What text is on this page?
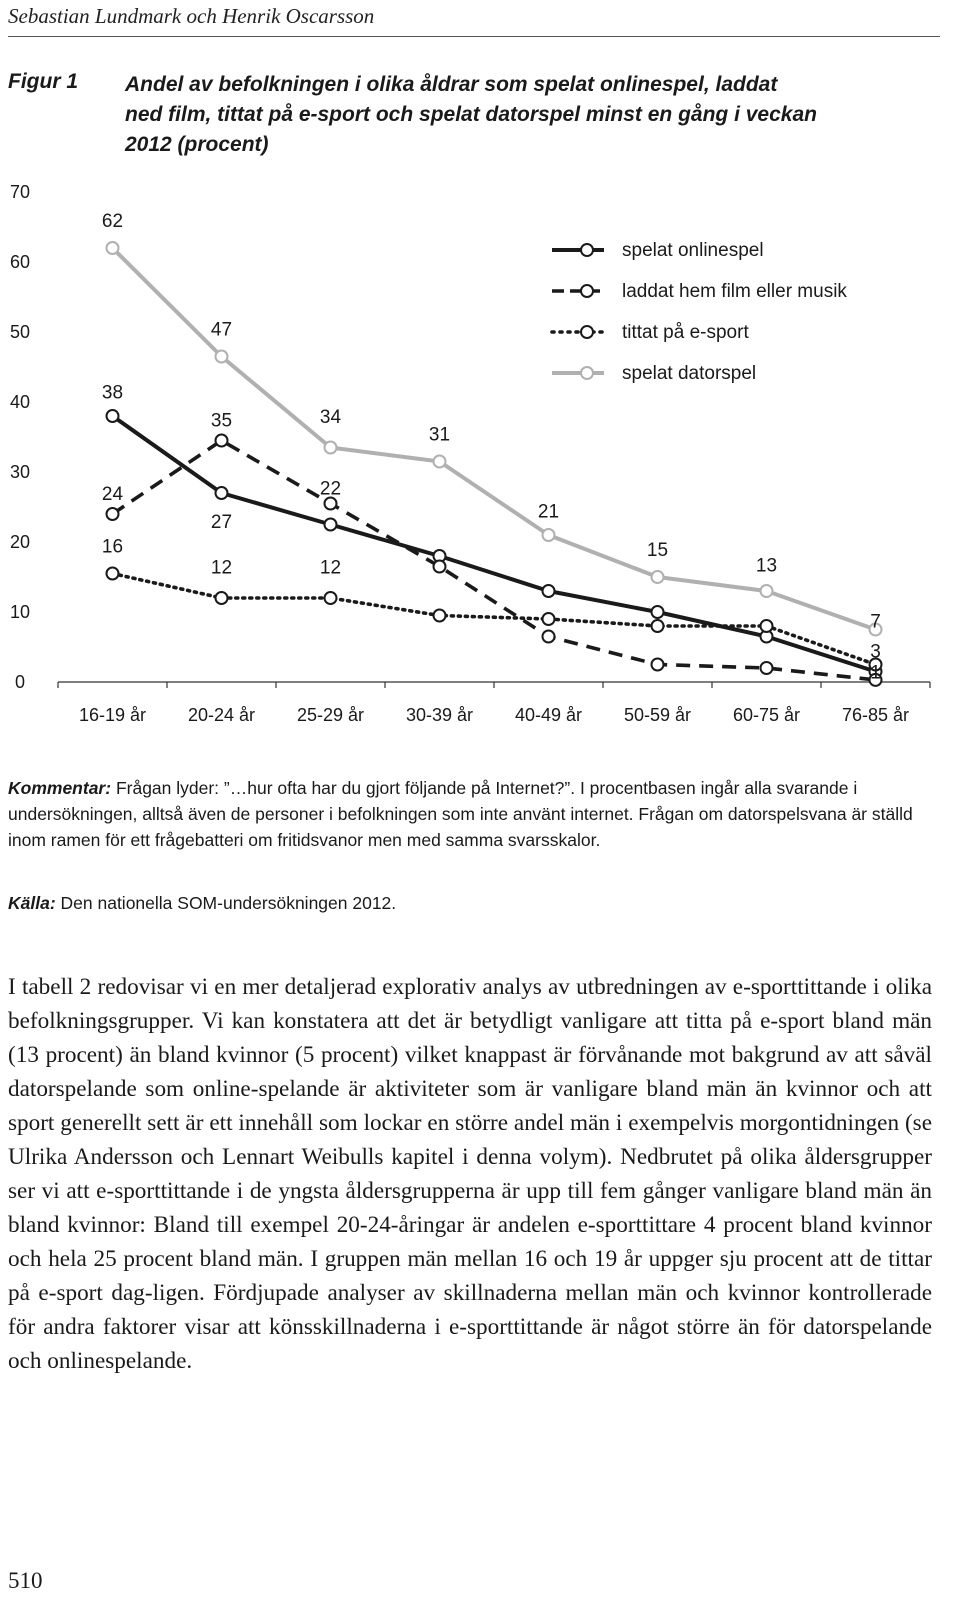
Sebastian Lundmark och Henrik Oscarsson
Figur 1 Andel av befolkningen i olika åldrar som spelat onlinespel, laddat
ned film, tittat på e-sport och spelat datorspel minst en gång i veckan
2012 (procent)
16-19 år 20-24 år 25-29 år 30-39 år 40-49 år 50-59 år 60-75 år 76-85 år
0
10
20
30
40
50
60
70
62
38
24
16
47
35
27
12
34
22
12
31
21
15
13
7
3
1
spelat onlinespel
laddat hem film eller musik
tittat på e-sport
spelat datorspel
Kommentar: Frågan lyder: ”…hur ofta har du gjort följande på Internet?”. I procentbasen ingår alla svarande i undersökningen, alltså även de personer i befolkningen som inte använt internet. Frågan om datorspelsvana är ställd inom ramen för ett frågebatteri om fritidsvanor men med samma svarsskalor.
Källa: Den nationella SOM-undersökningen 2012.
I tabell 2 redovisar vi en mer detaljerad explorativ analys av utbredningen av e-sporttittande i olika befolkningsgrupper. Vi kan konstatera att det är betydligt vanligare att titta på e-sport bland män (13 procent) än bland kvinnor (5 procent) vilket knappast är förvånande mot bakgrund av att såväl datorspelande som online-spelande är aktiviteter som är vanligare bland män än kvinnor och att sport generellt sett är ett innehåll som lockar en större andel män i exempelvis morgontidningen (se Ulrika Andersson och Lennart Weibulls kapitel i denna volym). Nedbrutet på olika åldersgrupper ser vi att e-sporttittande i de yngsta åldersgrupperna är upp till fem gånger vanligare bland män än bland kvinnor: Bland till exempel 20-24-åringar är andelen e-sporttittare 4 procent bland kvinnor och hela 25 procent bland män. I gruppen män mellan 16 och 19 år uppger sju procent att de tittar på e-sport dag-ligen. Fördjupade analyser av skillnaderna mellan män och kvinnor kontrollerade för andra faktorer visar att könsskillnaderna i e-sporttittande är något större än för datorspelande och onlinespelande.
510
